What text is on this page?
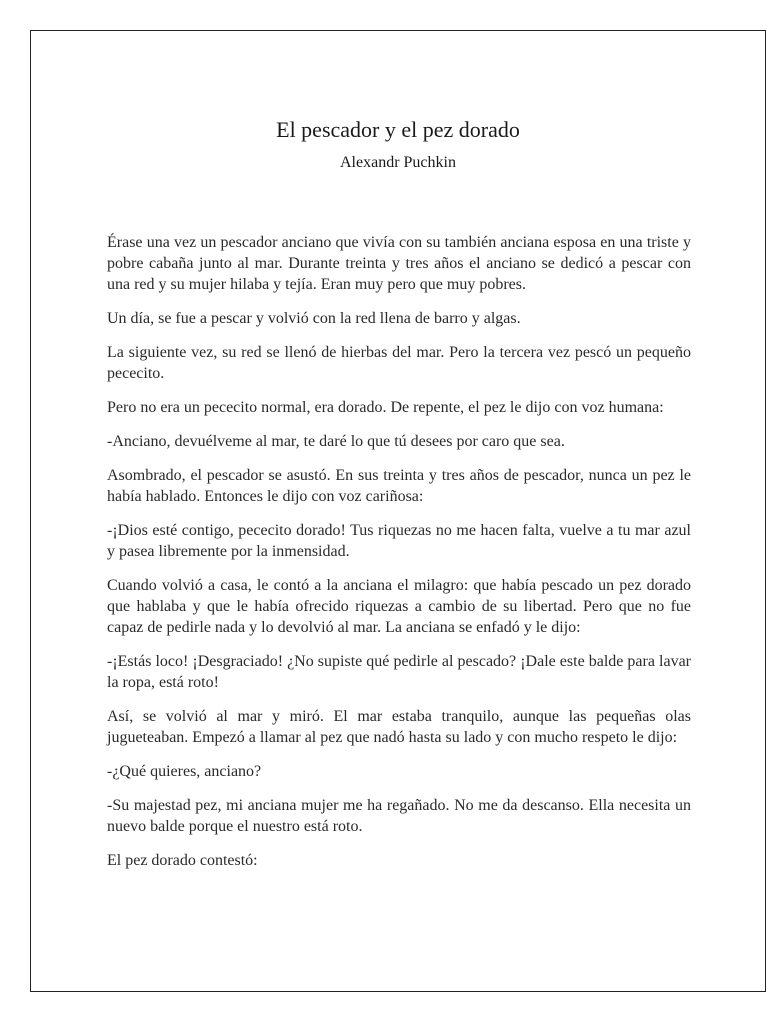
El pescador y el pez dorado
Alexandr Puchkin

Érase una vez un pescador anciano que vivía con su también anciana esposa en una triste y pobre cabaña junto al mar. Durante treinta y tres años el anciano se dedicó a pescar con una red y su mujer hilaba y tejía. Eran muy pero que muy pobres.

Un día, se fue a pescar y volvió con la red llena de barro y algas.

La siguiente vez, su red se llenó de hierbas del mar. Pero la tercera vez pescó un pequeño pececito.

Pero no era un pececito normal, era dorado. De repente, el pez le dijo con voz humana:

-Anciano, devuélveme al mar, te daré lo que tú desees por caro que sea.

Asombrado, el pescador se asustó. En sus treinta y tres años de pescador, nunca un pez le había hablado. Entonces le dijo con voz cariñosa:

-¡Dios esté contigo, pececito dorado! Tus riquezas no me hacen falta, vuelve a tu mar azul y pasea libremente por la inmensidad.

Cuando volvió a casa, le contó a la anciana el milagro: que había pescado un pez dorado que hablaba y que le había ofrecido riquezas a cambio de su libertad. Pero que no fue capaz de pedirle nada y lo devolvió al mar. La anciana se enfadó y le dijo:

-¡Estás loco! ¡Desgraciado! ¿No supiste qué pedirle al pescado? ¡Dale este balde para lavar la ropa, está roto!

Así, se volvió al mar y miró. El mar estaba tranquilo, aunque las pequeñas olas jugueteaban. Empezó a llamar al pez que nadó hasta su lado y con mucho respeto le dijo:

-¿Qué quieres, anciano?

-Su majestad pez, mi anciana mujer me ha regañado. No me da descanso. Ella necesita un nuevo balde porque el nuestro está roto.

El pez dorado contestó:
